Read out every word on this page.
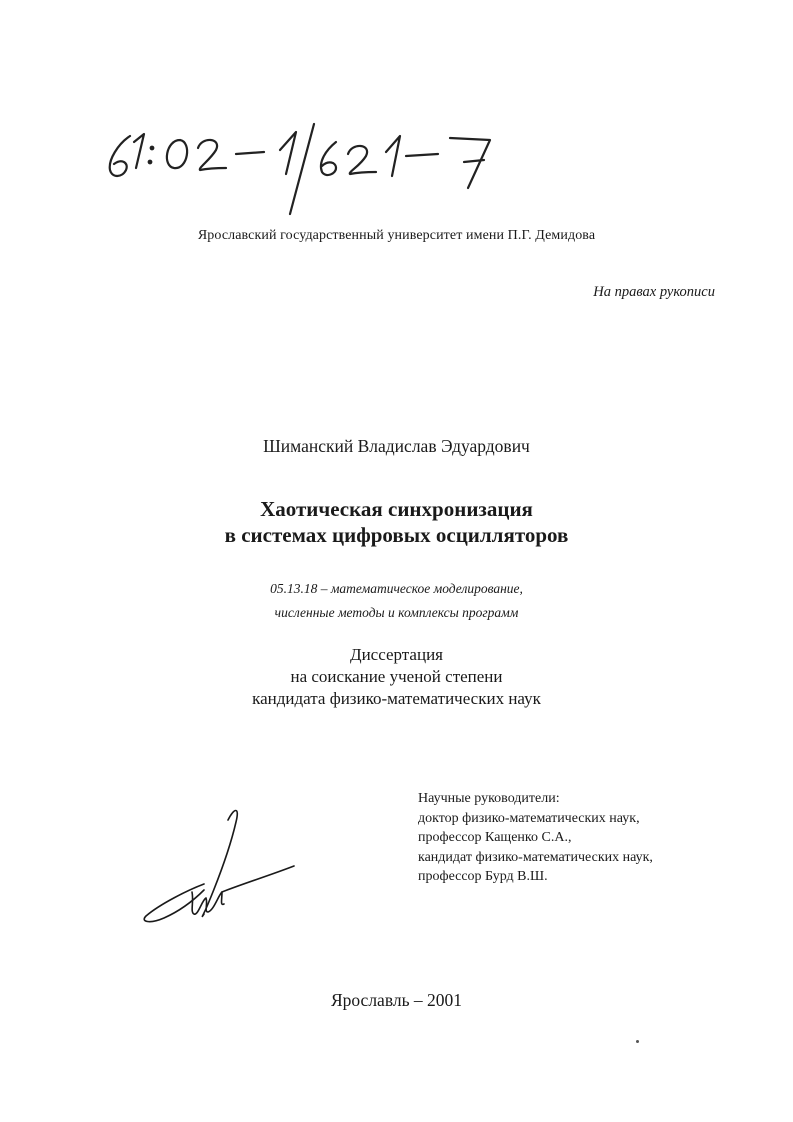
Ярославский государственный университет имени П.Г. Демидова
На правах рукописи
Шиманский Владислав Эдуардович
Хаотическая синхронизация
в системах цифровых осцилляторов
05.13.18 – математическое моделирование,
численные методы и комплексы программ
Диссертация
на соискание ученой степени
кандидата физико-математических наук
Научные руководители:
доктор физико-математических наук,
профессор Кащенко С.А.,
кандидат физико-математических наук,
профессор Бурд В.Ш.
Ярославль – 2001
